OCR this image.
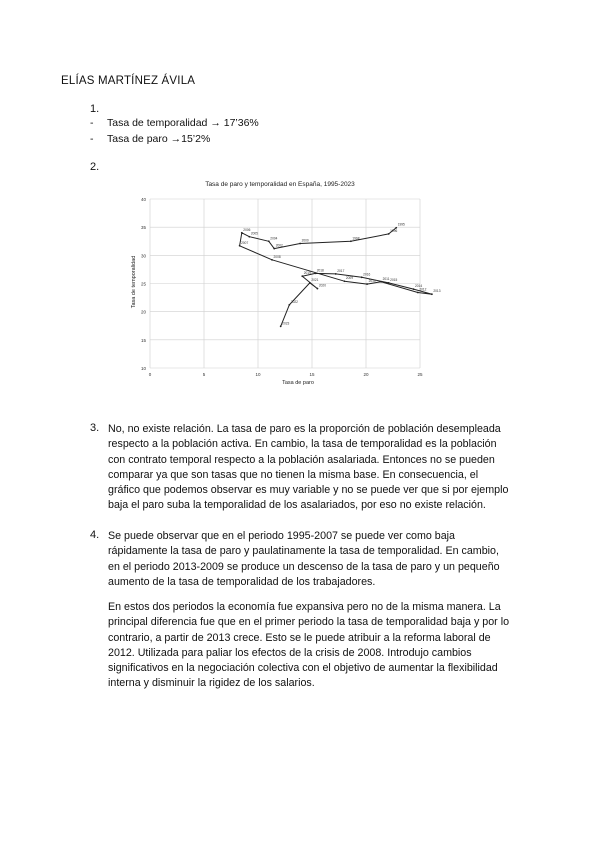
ELÍAS MARTÍNEZ ÁVILA
1.
- Tasa de temporalidad → 17’36%
- Tasa de paro →15’2%
2.
Tasa de paro y temporalidad en España, 1995-2023
Tasa de paro
Tasa de temporalidad
10
15
20
25
30
35
40
0	5	10	15	20	25
1995
1996
1998
2000
2002
2004
2005
2006
2007
2008
2009
2010
2011
2012 2013
2014
2015
2016
2017
2018
2019
2020
2021
2022
2023
3. No, no existe relación. La tasa de paro es la proporción de población desempleada
respecto a la población activa. En cambio, la tasa de temporalidad es la población
con contrato temporal respecto a la población asalariada. Entonces no se pueden
comparar ya que son tasas que no tienen la misma base. En consecuencia, el
gráfico que podemos observar es muy variable y no se puede ver que si por ejemplo
baja el paro suba la temporalidad de los asalariados, por eso no existe relación.
4. Se puede observar que en el periodo 1995-2007 se puede ver como baja
rápidamente la tasa de paro y paulatinamente la tasa de temporalidad. En cambio,
en el periodo 2013-2009 se produce un descenso de la tasa de paro y un pequeño
aumento de la tasa de temporalidad de los trabajadores.
En estos dos periodos la economía fue expansiva pero no de la misma manera. La
principal diferencia fue que en el primer periodo la tasa de temporalidad baja y por lo
contrario, a partir de 2013 crece. Esto se le puede atribuir a la reforma laboral de
2012. Utilizada para paliar los efectos de la crisis de 2008. Introdujo cambios
significativos en la negociación colectiva con el objetivo de aumentar la flexibilidad
interna y disminuir la rigidez de los salarios.
